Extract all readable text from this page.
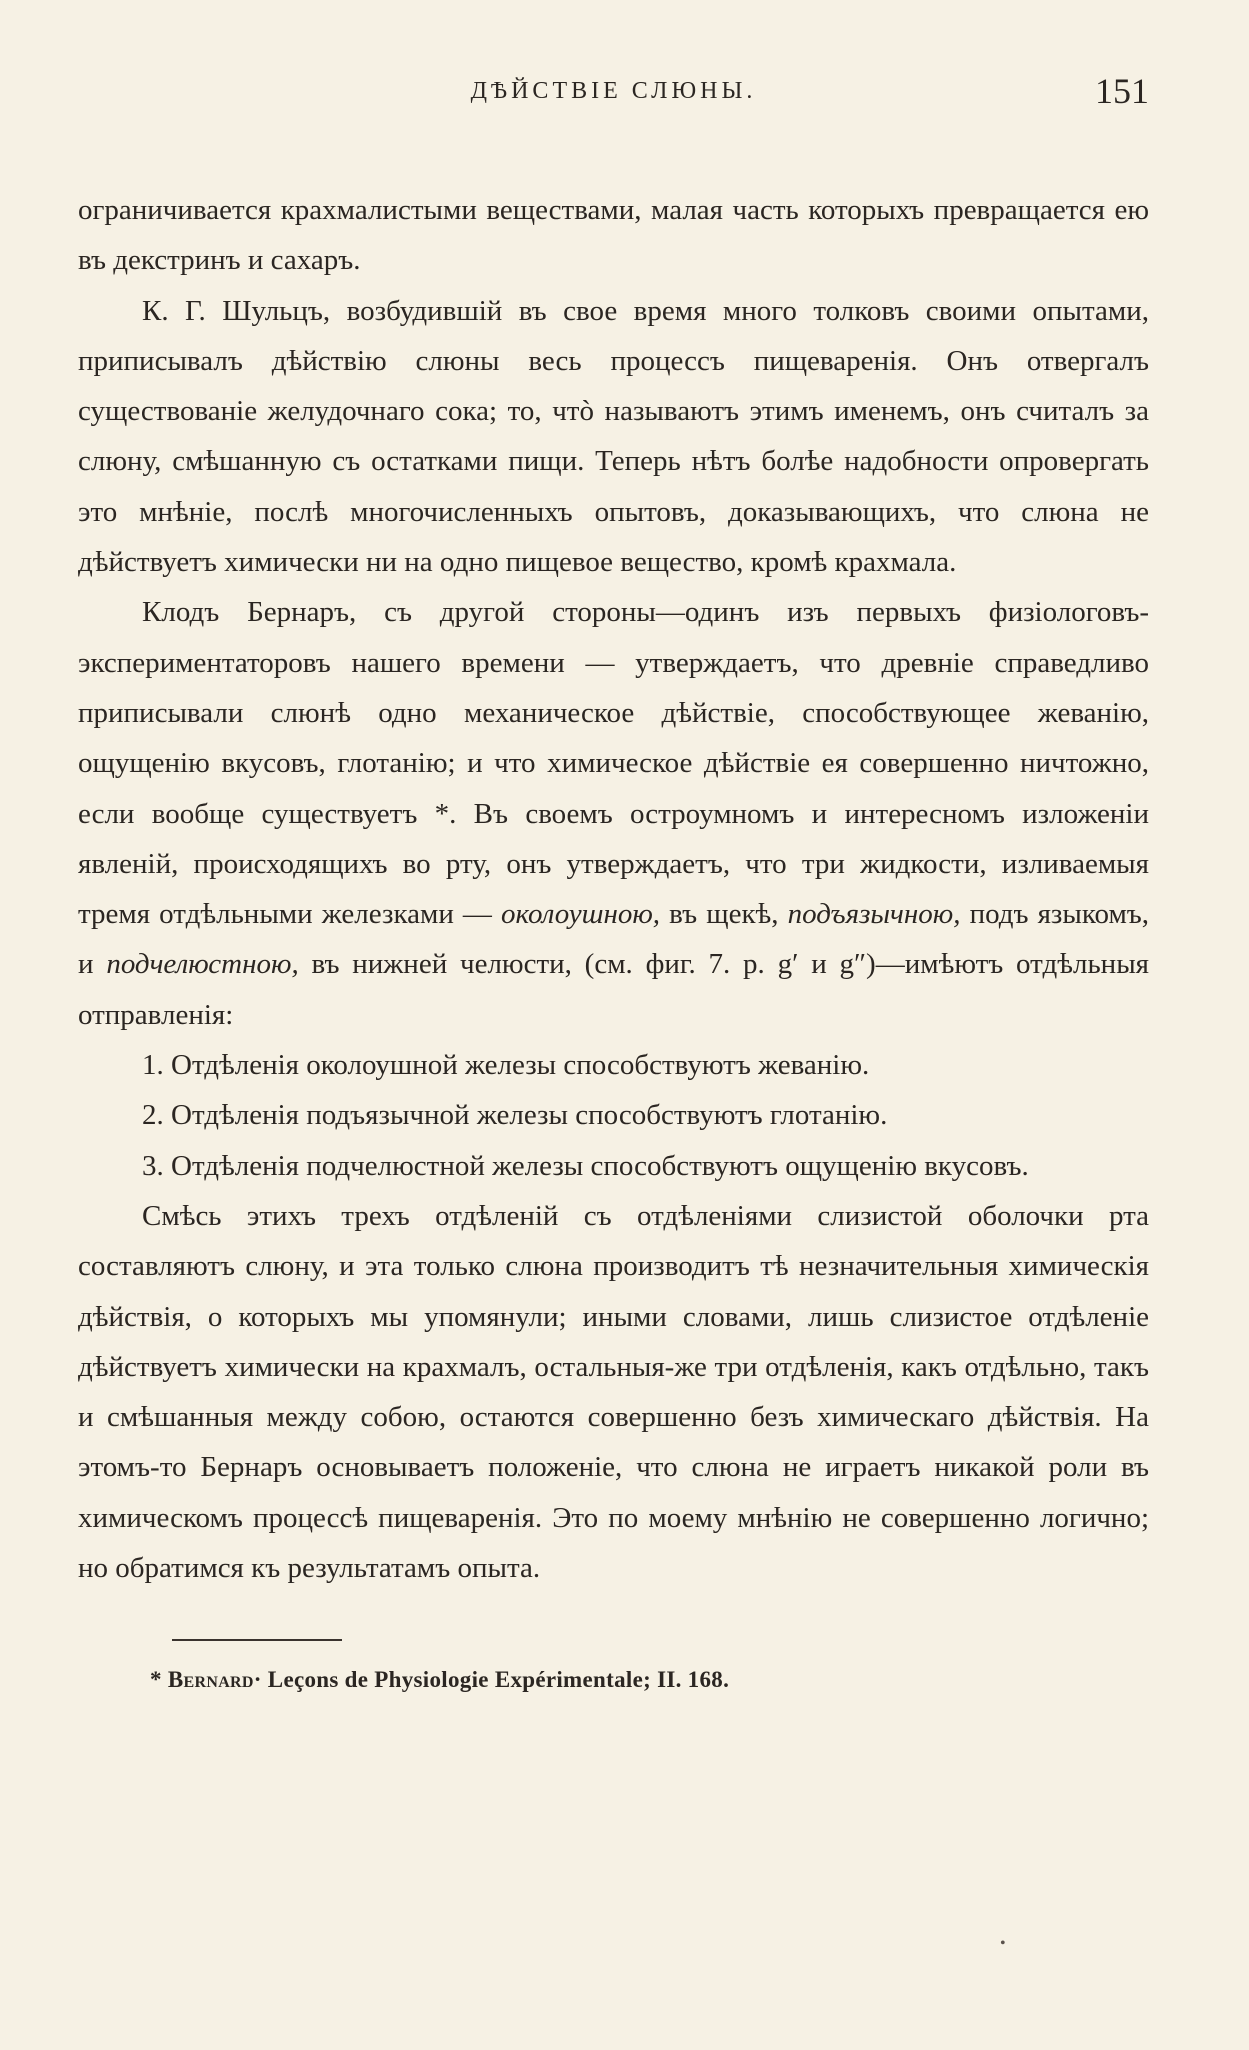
ДѢЙСТВІЕ СЛЮНЫ.	151

ограничивается крахмалистыми веществами, малая часть которыхъ превращается ею въ декстринъ и сахаръ.

К. Г. Шульцъ, возбудившій въ свое время много толковъ своими опытами, приписывалъ дѣйствію слюны весь процессъ пищеваренія. Онъ отвергалъ существованіе желудочнаго сока; то, чтò называютъ этимъ именемъ, онъ считалъ за слюну, смѣшанную съ остатками пищи. Теперь нѣтъ болѣе надобности опровергать это мнѣніе, послѣ многочисленныхъ опытовъ, доказывающихъ, что слюна не дѣйствуетъ химически ни на одно пищевое вещество, кромѣ крахмала.

Клодъ Бернаръ, съ другой стороны—одинъ изъ первыхъ физіологовъ-экспериментаторовъ нашего времени — утверждаетъ, что древніе справедливо приписывали слюнѣ одно механическое дѣйствіе, способствующее жеванію, ощущенію вкусовъ, глотанію; и что химическое дѣйствіе ея совершенно ничтожно, если вообще существуетъ *. Въ своемъ остроумномъ и интересномъ изложеніи явленій, происходящихъ во рту, онъ утверждаетъ, что три жидкости, изливаемыя тремя отдѣльными железками — околоушною, въ щекѣ, подъязычною, подъ языкомъ, и подчелюстною, въ нижней челюсти, (см. фиг. 7. р. g′ и g″)—имѣютъ отдѣльныя отправленія:

1. Отдѣленія околоушной железы способствуютъ жеванію.

2. Отдѣленія подъязычной железы способствуютъ глотанію.

3. Отдѣленія подчелюстной железы способствуютъ ощущенію вкусовъ.

Смѣсь этихъ трехъ отдѣленій съ отдѣленіями слизистой оболочки рта составляютъ слюну, и эта только слюна производитъ тѣ незначительныя химическія дѣйствія, о которыхъ мы упомянули; иными словами, лишь слизистое отдѣленіе дѣйствуетъ химически на крахмалъ, остальныя-же три отдѣленія, какъ отдѣльно, такъ и смѣшанныя между собою, остаются совершенно безъ химическаго дѣйствія. На этомъ-то Бернаръ основываетъ положеніе, что слюна не играетъ никакой роли въ химическомъ процессѣ пищеваренія. Это по моему мнѣнію не совершенно логично; но обратимся къ результатамъ опыта.

* Bernard· Leçons de Physiologie Expérimentale; II. 168.
•
